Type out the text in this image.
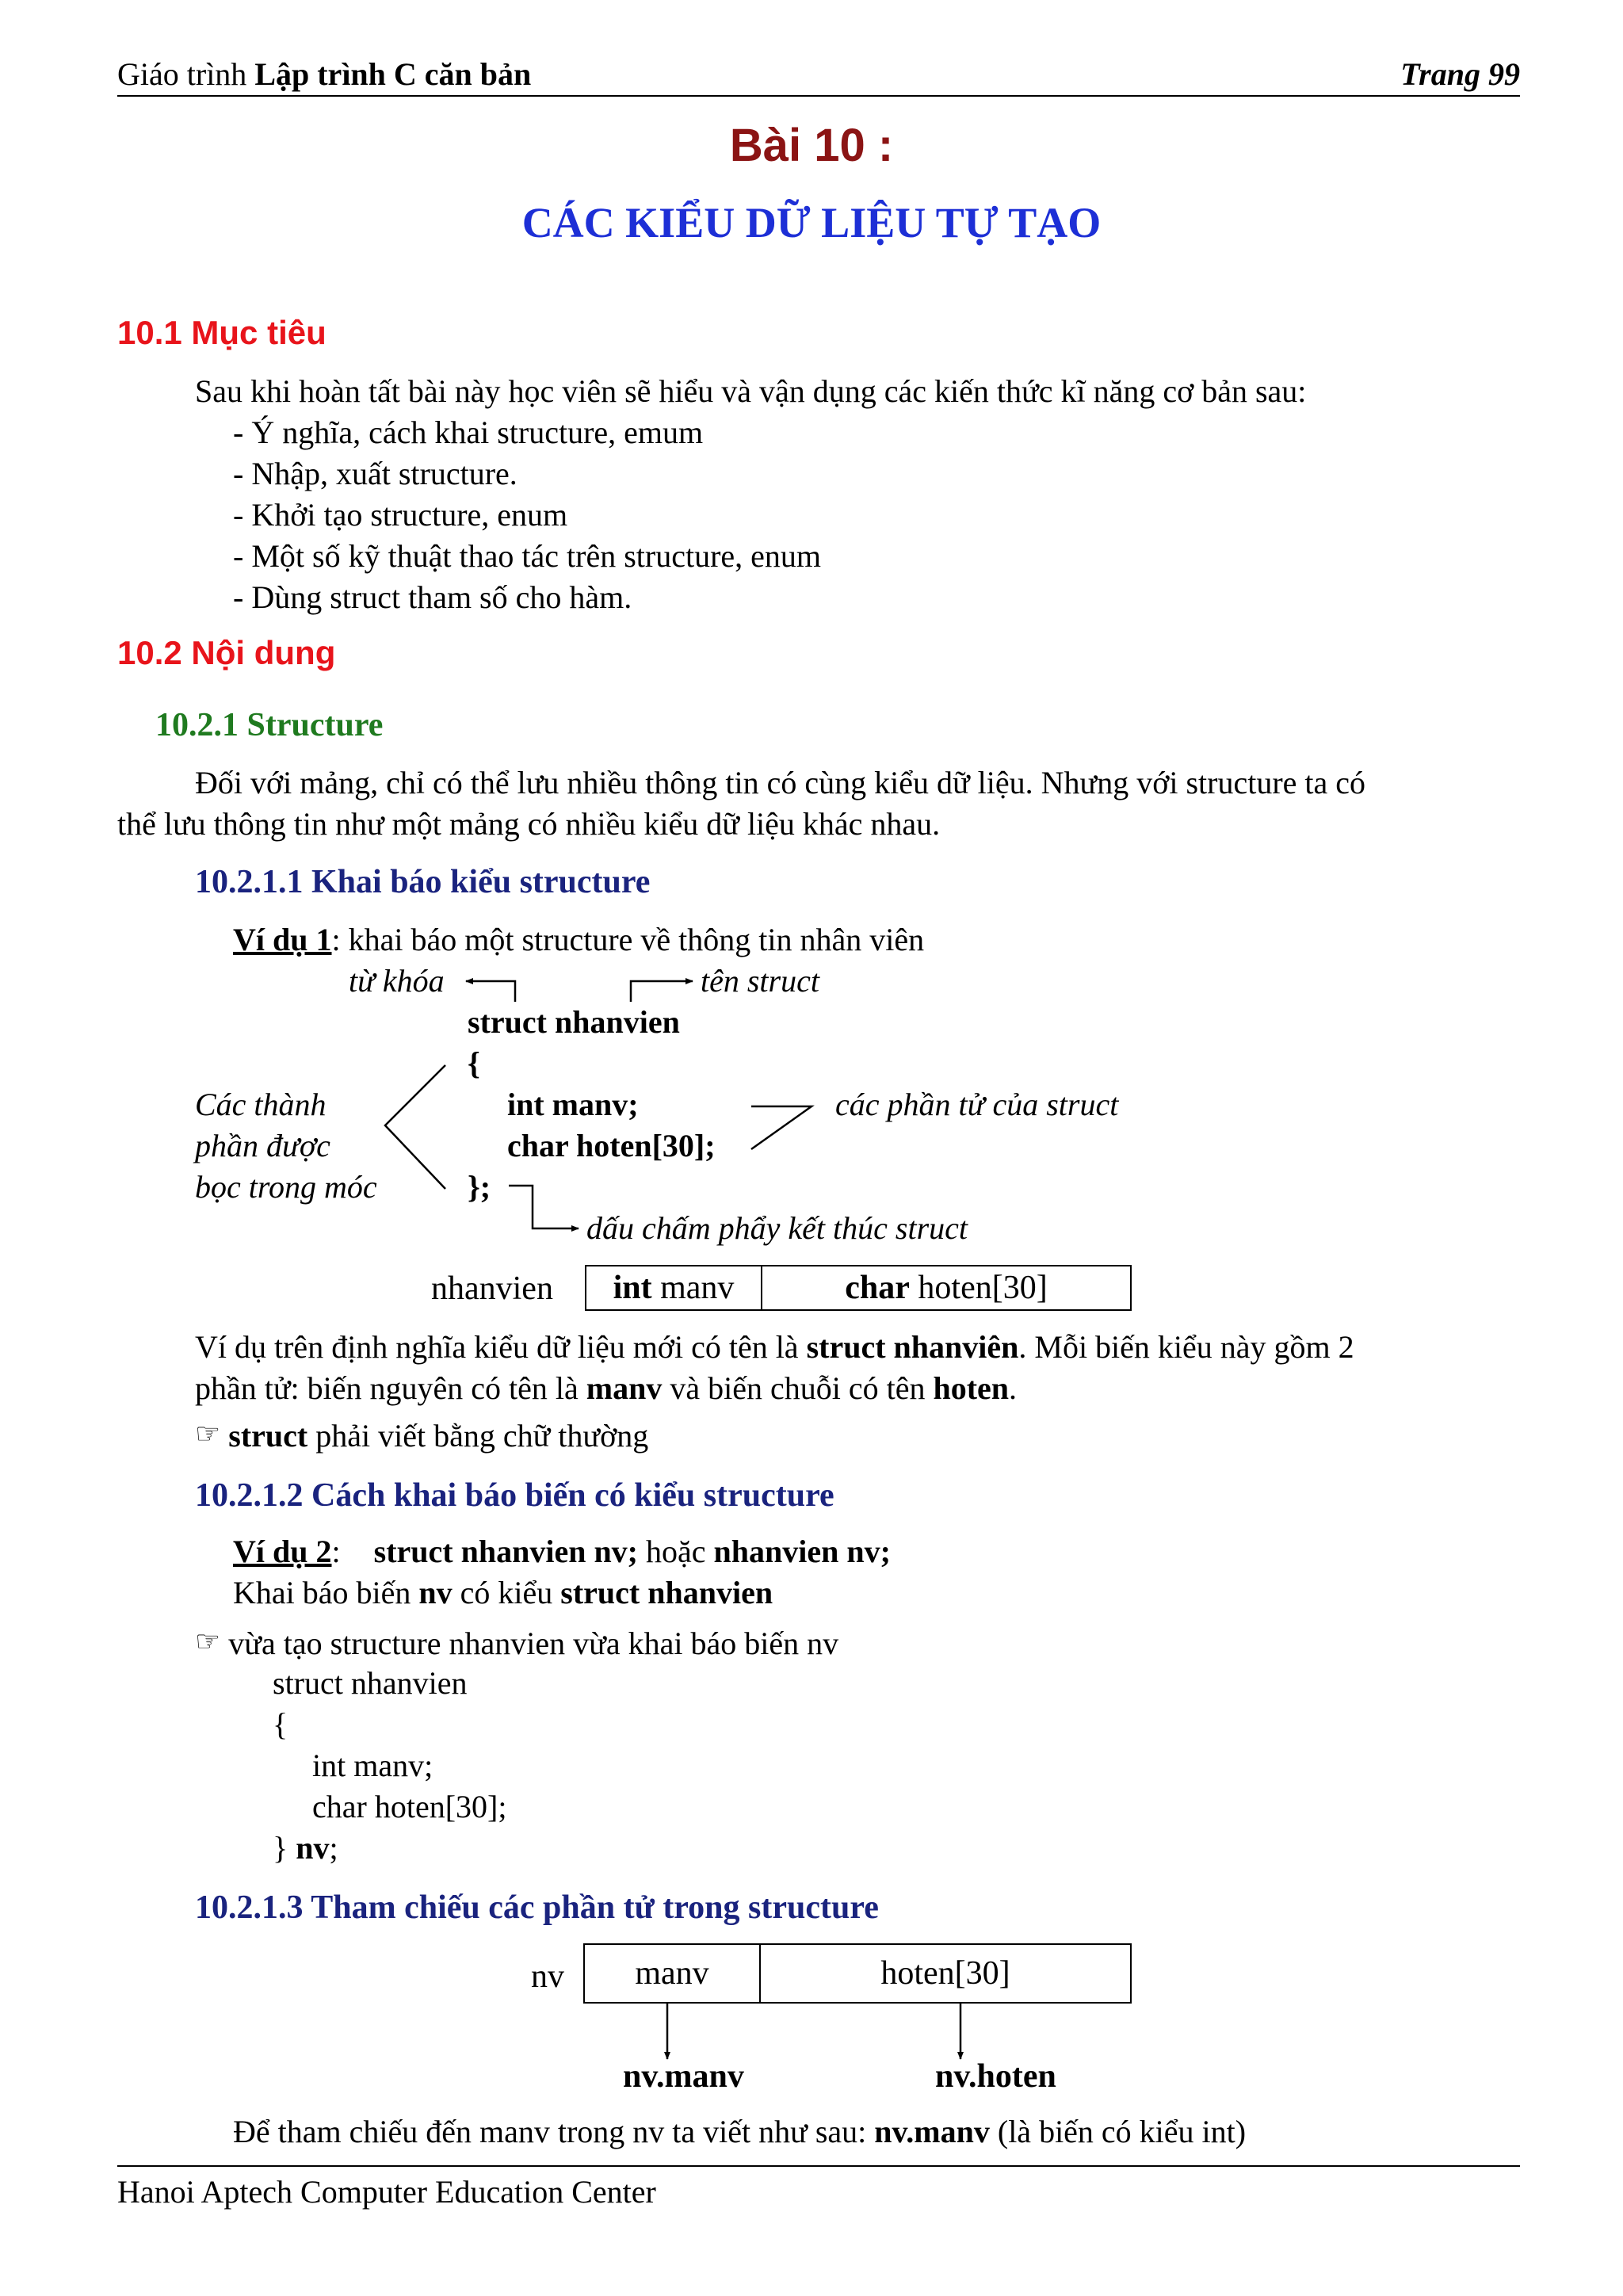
Giáo trình Lập trình C căn bản	Trang 99
Bài 10 :
CÁC KIỂU DỮ LIỆU TỰ TẠO
10.1 Mục tiêu
Sau khi hoàn tất bài này học viên sẽ hiểu và vận dụng các kiến thức kĩ năng cơ bản sau:
- Ý nghĩa, cách khai structure, emum
- Nhập, xuất structure.
- Khởi tạo structure, enum
- Một số kỹ thuật thao tác trên structure, enum
- Dùng struct tham số cho hàm.
10.2 Nội dung
10.2.1 Structure
Đối với mảng, chỉ có thể lưu nhiều thông tin có cùng kiểu dữ liệu. Nhưng với structure ta có
thể lưu thông tin như một mảng có nhiều kiểu dữ liệu khác nhau.
10.2.1.1 Khai báo kiểu structure
Ví dụ 1: khai báo một structure về thông tin nhân viên
từ khóa	tên struct
struct nhanvien
{
int manv;
char hoten[30];
};
Các thành
phần được
bọc trong móc
các phần tử của struct
dấu chấm phẩy kết thúc struct
nhanvien int manv	char hoten[30]
Ví dụ trên định nghĩa kiểu dữ liệu mới có tên là struct nhanviên. Mỗi biến kiểu này gồm 2
phần tử: biến nguyên có tên là manv và biến chuỗi có tên hoten.
☞ struct phải viết bằng chữ thường
10.2.1.2 Cách khai báo biến có kiểu structure
Ví dụ 2: struct nhanvien nv; hoặc nhanvien nv;
Khai báo biến nv có kiểu struct nhanvien
☞ vừa tạo structure nhanvien vừa khai báo biến nv
struct nhanvien
{
int manv;
char hoten[30];
} nv;
10.2.1.3 Tham chiếu các phần tử trong structure
nv	manv	hoten[30]
nv.manv	nv.hoten
Để tham chiếu đến manv trong nv ta viết như sau: nv.manv (là biến có kiểu int)
Hanoi Aptech Computer Education Center
